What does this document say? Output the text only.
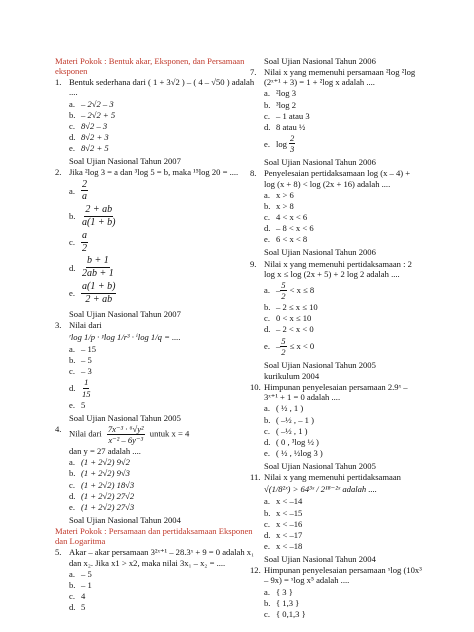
Materi Pokok : Bentuk akar, Eksponen, dan Persamaan eksponen
1. Bentuk sederhana dari ( 1 + 3√2 ) – ( 4 – √50 ) adalah ....
a. – 2√2 – 3
b. – 2√2 + 5
c. 8√2 – 3
d. 8√2 + 3
e. 8√2 + 5
Soal Ujian Nasional Tahun 2007
2. Jika ²log 3 = a dan ³log 5 = b, maka ¹⁵log 20 = ....
a. $\frac{2}{a}$
b. $\frac{2 + ab}{a(1 + b)}$
c. $\frac{a}{2}$
d. $\frac{b + 1}{2ab + 1}$
e. $\frac{a(1 + b)}{2 + ab}$
Soal Ujian Nasional Tahun 2007
3. Nilai dari
ʳlog 1/p · ᵖlog 1/r³ · ⁱlog 1/q = ....
a. – 15
b. – 5
c. – 3
d. $\frac{1}{15}$
e. 5
Soal Ujian Nasional Tahun 2005
4. Nilai dari $\frac{\text{7x⁻³ · ⁶√y²}}{\text{x⁻² – 6y⁻³}}$ untuk x = 4
dan y = 27 adalah ....
a. (1 + 2√2) 9√2
b. (1 + 2√2) 9√3
c. (1 + 2√2) 18√3
d. (1 + 2√2) 27√2
e. (1 + 2√2) 27√3
Soal Ujian Nasional Tahun 2004
Materi Pokok : Persamaan dan pertidaksamaan Eksponen dan Logaritma
5. Akar – akar persamaan 3²ˣ⁺¹ – 28.3ˣ + 9 = 0 adalah x₁ dan x₂. Jika x1 > x2, maka nilai 3x₁ – x₂ = ....
a. – 5
b. – 1
c. 4
d. 5
Soal Ujian Nasional Tahun 2006
7. Nilai x yang memenuhi persamaan ²log ²log (2ˣ⁺¹ + 3) = 1 + ²log x adalah ....
a. ²log 3
b. ³log 2
c. – 1 atau 3
d. 8 atau ½
e. $\log \frac{2}{3}$
Soal Ujian Nasional Tahun 2006
8. Penyelesaian pertidaksamaan log (x – 4) + log (x + 8) < log (2x + 16) adalah ....
a. x > 6
b. x > 8
c. 4 < x < 6
d. – 8 < x < 6
e. 6 < x < 8
Soal Ujian Nasional Tahun 2006
9. Nilai x yang memenuhi pertidaksamaan : 2 log x ≤ log (2x + 5) + 2 log 2 adalah ....
a. – $\frac{5}{2} < x \le 8$
b. – 2 ≤ x ≤ 10
c. 0 < x ≤ 10
d. – 2 < x < 0
e. – $\frac{5}{2} \le x < 0$
Soal Ujian Nasional Tahun 2005
kurikulum 2004
10. Himpunan penyelesaian persamaan 2.9ˣ – 3ˣ⁺¹ + 1 = 0 adalah ....
a. ( ½ , 1 )
b. ( –½ , – 1 )
c. ( –½ , 1 )
d. ( 0 , ³log ½ )
e. ( ½ , ½log 3 )
Soal Ujian Nasional Tahun 2005
11. Nilai x yang memenuhi pertidaksamaan
√(1/8²ˣ) > 64³ˣ / 2¹⁸⁻²ˣ adalah ....
a. x < –14
b. x < –15
c. x < –16
d. x < –17
e. x < –18
Soal Ujian Nasional Tahun 2004
12. Himpunan penyelesaian persamaan ˣlog (10x³ – 9x) = ˣlog x⁵ adalah ....
a. { 3 }
b. { 1,3 }
c. { 0,1,3 }
